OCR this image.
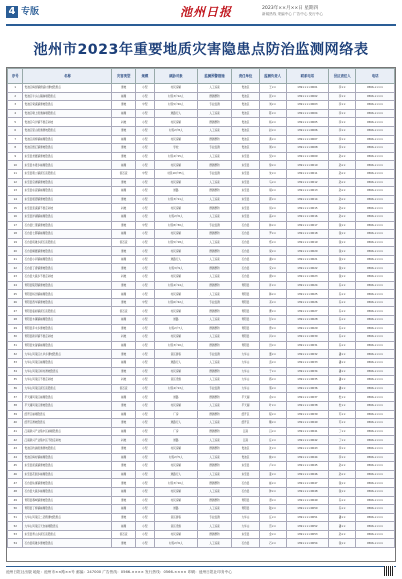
4 专版	池州日报	2023年××月××日 星期四
新闻热线 采编中心 广告中心 发行中心
池州市2023年重要地质灾害隐患点防治监测网络表
序号	名称	灾害类型	规模	威胁对象	监测预警措施	责任单位	监测负责人	联系电话	县区责任人	电话
1	贵池区梅街镇源溪村滑坡隐患点	滑坡	小型	村民房屋	人工巡查	贵池区	王××	139××××0001	李××	0566-××××
2	贵池区牛头山镇崩塌隐患点	崩塌	小型	村民3户12人	群测群防	贵池区	张××	139××××0002	李××	0566-××××
3	贵池区棠溪镇滑坡隐患点	滑坡	中型	村民5户20人	专业监测	贵池区	刘××	139××××0003	李××	0566-××××
4	贵池区墩上街道崩塌隐患点	崩塌	小型	道路行人	人工巡查	贵池区	陈××	139××××0004	李××	0566-××××
5	贵池区乌沙镇不稳定斜坡	斜坡	小型	村民房屋	群测群防	贵池区	杨××	139××××0005	李××	0566-××××
6	贵池区里山街道滑坡隐患点	滑坡	小型	村民2户8人	人工巡查	贵池区	赵××	139××××0006	李××	0566-××××
7	贵池区涓桥镇崩塌隐患点	崩塌	小型	村民房屋	群测群防	贵池区	黄××	139××××0007	李××	0566-××××
8	贵池区殷汇镇滑坡隐患点	滑坡	小型	学校	专业监测	贵池区	周××	139××××0008	李××	0566-××××
9	东至县尧渡镇滑坡隐患点	滑坡	小型	村民4户15人	人工巡查	东至县	吴××	139××××0009	孙××	0566-××××
10	东至县木塔乡崩塌隐患点	崩塌	小型	村民房屋	群测群防	东至县	徐××	139××××0010	孙××	0566-××××
11	东至县葛公镇泥石流隐患点	泥石流	中型	村民10户35人	专业监测	东至县	朱××	139××××0011	孙××	0566-××××
12	东至县官港镇滑坡隐患点	滑坡	小型	村民房屋	人工巡查	东至县	马××	139××××0012	孙××	0566-××××
13	东至县东流镇崩塌隐患点	崩塌	小型	道路	群测群防	东至县	胡××	139××××0013	孙××	0566-××××
14	东至县昭潭镇滑坡隐患点	滑坡	小型	村民3户11人	人工巡查	东至县	郭××	139××××0014	孙××	0566-××××
15	东至县张溪镇不稳定斜坡	斜坡	小型	村民房屋	群测群防	东至县	何××	139××××0015	孙××	0566-××××
16	东至县洋湖镇崩塌隐患点	崩塌	小型	村民2户6人	人工巡查	东至县	高××	139××××0016	孙××	0566-××××
17	石台县仁里镇滑坡隐患点	滑坡	中型	村民8户30人	专业监测	石台县	林××	139××××0017	钱××	0566-××××
18	石台县七都镇崩塌隐患点	崩塌	小型	村民房屋	群测群防	石台县	罗××	139××××0018	钱××	0566-××××
19	石台县矶滩乡泥石流隐患点	泥石流	小型	村民5户18人	人工巡查	石台县	郑××	139××××0019	钱××	0566-××××
20	石台县横渡镇滑坡隐患点	滑坡	小型	村民房屋	群测群防	石台县	梁××	139××××0020	钱××	0566-××××
21	石台县小河镇崩塌隐患点	崩塌	小型	道路行人	人工巡查	石台县	谢××	139××××0021	钱××	0566-××××
22	石台县丁香镇滑坡隐患点	滑坡	小型	村民3户9人	群测群防	石台县	宋××	139××××0022	钱××	0566-××××
23	石台县大演乡不稳定斜坡	斜坡	小型	村民房屋	人工巡查	石台县	唐××	139××××0023	钱××	0566-××××
24	青阳县陵阳镇滑坡隐患点	滑坡	小型	村民4户14人	群测群防	青阳县	许××	139××××0024	冯××	0566-××××
25	青阳县杨田镇崩塌隐患点	崩塌	小型	村民房屋	人工巡查	青阳县	韩××	139××××0025	冯××	0566-××××
26	青阳县酉华镇滑坡隐患点	滑坡	中型	村民6户22人	专业监测	青阳县	邓××	139××××0026	冯××	0566-××××
27	青阳县庙前镇泥石流隐患点	泥石流	小型	村民房屋	群测群防	青阳县	曹××	139××××0027	冯××	0566-××××
28	青阳县木镇镇崩塌隐患点	崩塌	小型	道路	人工巡查	青阳县	彭××	139××××0028	冯××	0566-××××
29	青阳县乔木乡滑坡隐患点	滑坡	小型	村民2户7人	群测群防	青阳县	曾××	139××××0029	冯××	0566-××××
30	青阳县新河镇不稳定斜坡	斜坡	小型	村民房屋	人工巡查	青阳县	肖××	139××××0030	冯××	0566-××××
31	青阳县朱备镇崩塌隐患点	崩塌	小型	村民3户10人	群测群防	青阳县	田××	139××××0031	冯××	0566-××××
32	九华山风景区九华乡滑坡隐患点	滑坡	小型	景区游客	专业监测	九华山	董××	139××××0032	潘××	0566-××××
33	九华山风景区崩塌隐患点	崩塌	小型	道路行人	人工巡查	九华山	袁××	139××××0033	潘××	0566-××××
34	九华山风景区柯村滑坡隐患点	滑坡	小型	村民房屋	群测群防	九华山	于××	139××××0034	潘××	0566-××××
35	九华山风景区不稳定斜坡	斜坡	小型	景区设施	人工巡查	九华山	蒋××	139××××0035	潘××	0566-××××
36	九华山风景区泥石流隐患点	泥石流	小型	村民4户13人	专业监测	九华山	蔡××	139××××0036	潘××	0566-××××
37	平天湖风景区崩塌隐患点	崩塌	小型	道路	群测群防	平天湖	余××	139××××0037	杜××	0566-××××
38	平天湖风景区滑坡隐患点	滑坡	小型	村民房屋	人工巡查	平天湖	叶××	139××××0038	杜××	0566-××××
39	经开区崩塌隐患点	崩塌	小型	厂房	群测群防	经开区	程××	139××××0039	苏××	0566-××××
40	经开区滑坡隐患点	滑坡	小型	道路行人	人工巡查	经开区	魏××	139××××0040	苏××	0566-××××
41	江南新兴产业集中区崩塌隐患点	崩塌	小型	厂房	群测群防	江南	吕××	139××××0041	丁××	0566-××××
42	江南新兴产业集中区不稳定斜坡	斜坡	小型	道路	人工巡查	江南	任××	139××××0042	丁××	0566-××××
43	贵池区秋浦街道滑坡隐患点	滑坡	小型	村民房屋	群测群防	贵池区	沈××	139××××0043	李××	0566-××××
44	贵池区梅村镇崩塌隐患点	崩塌	小型	村民2户5人	人工巡查	贵池区	姚××	139××××0044	李××	0566-××××
45	东至县泥溪镇滑坡隐患点	滑坡	小型	村民房屋	群测群防	东至县	卢××	139××××0045	孙××	0566-××××
46	东至县花园乡崩塌隐患点	崩塌	小型	道路行人	人工巡查	东至县	姜××	139××××0046	孙××	0566-××××
47	石台县仙寓镇滑坡隐患点	滑坡	小型	村民3户10人	群测群防	石台县	崔××	139××××0047	钱××	0566-××××
48	石台县大演乡崩塌隐患点	崩塌	小型	村民房屋	人工巡查	石台县	钟××	139××××0048	钱××	0566-××××
49	青阳县蓉城镇滑坡隐患点	滑坡	小型	村民房屋	群测群防	青阳县	谭××	139××××0049	冯××	0566-××××
50	青阳县丁桥镇崩塌隐患点	崩塌	小型	道路	人工巡查	青阳县	陆××	139××××0050	冯××	0566-××××
51	九华山风景区二圣殿滑坡隐患点	滑坡	小型	景区游客	专业监测	九华山	汪××	139××××0051	潘××	0566-××××
52	九华山风景区天台崩塌隐患点	崩塌	小型	景区设施	人工巡查	九华山	范××	139××××0052	潘××	0566-××××
53	东至县青山乡泥石流隐患点	泥石流	小型	村民房屋	群测群防	东至县	金××	139××××0053	孙××	0566-××××
54	石台县矶滩乡滑坡隐患点	滑坡	小型	村民2户6人	人工巡查	石台县	石××	139××××0054	钱××	0566-××××
池州日报社出版 地址：池州市××路××号 邮编：247000 广告热线：0566-×××× 发行热线：0566-×××× 印刷：池州日报社印务中心
